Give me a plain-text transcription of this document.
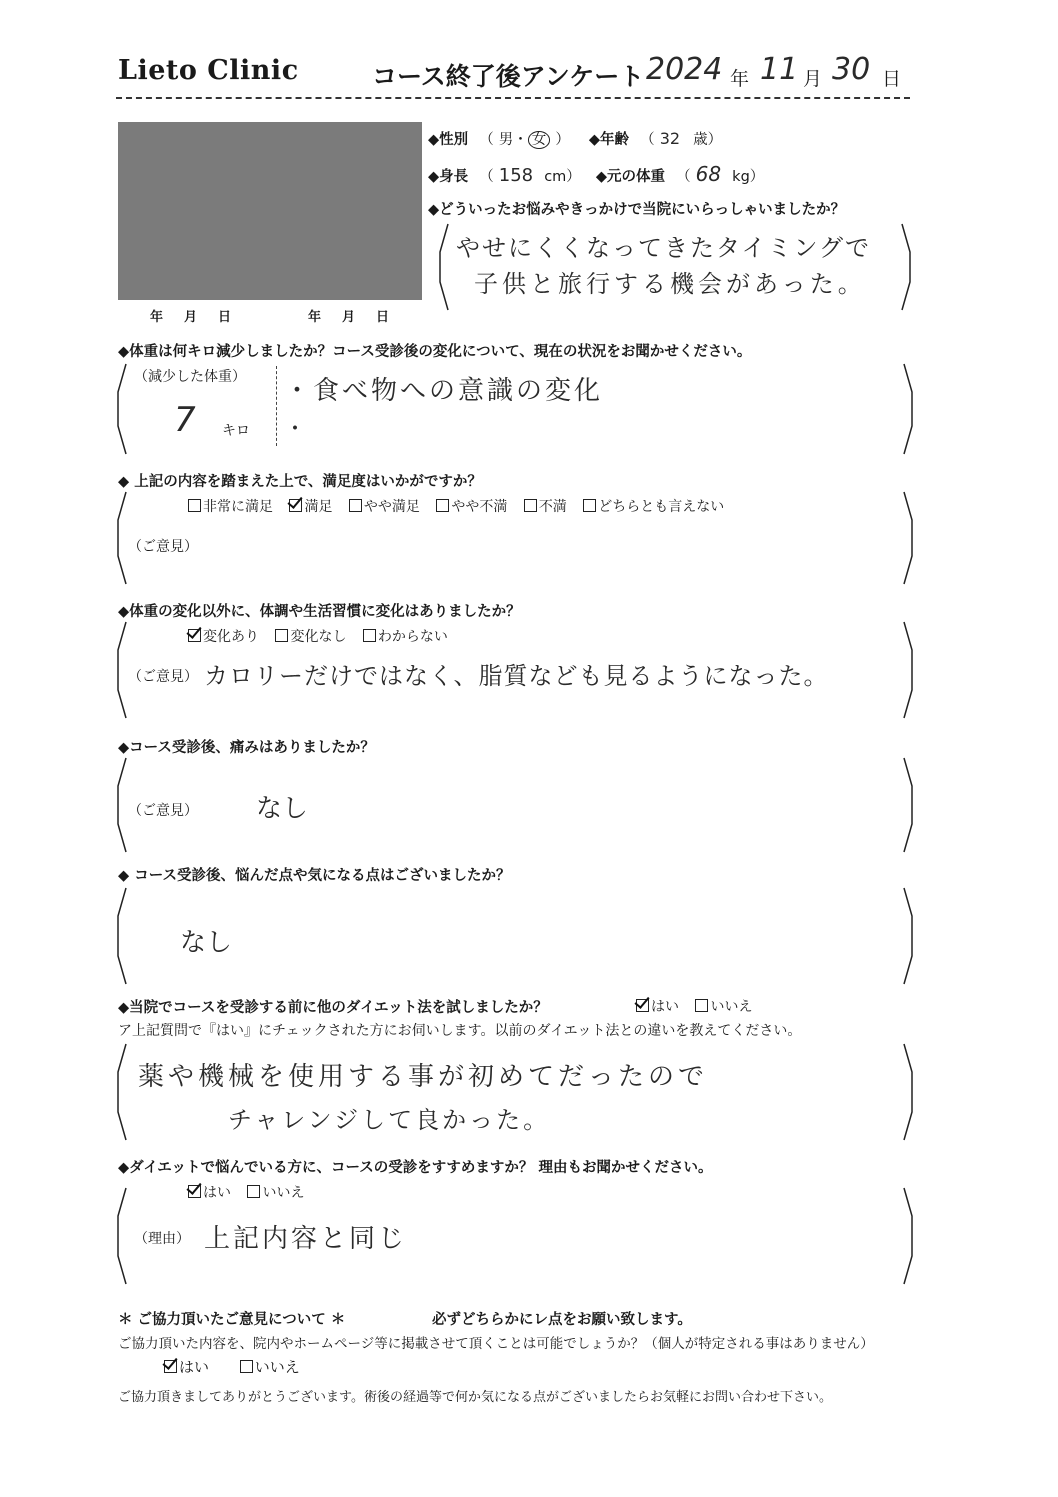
Lieto Clinic	コース終了後アンケート 2024 年 11 月 30 日
年　月　日	年　月　日
◆性別 （ 男・ 女 ） ◆年齢 （ 32 歳）
◆身長 （ 158 cm） ◆元の体重 （ 68 kg）
◆どういったお悩みやきっかけで当院にいらっしゃいましたか？
やせにくくなってきたタイミングで
子供と旅行する機会があった。
◆体重は何キロ減少しましたか？コース受診後の変化について、現在の状況をお聞かせください。
（減少した体重）
7 キロ
・食べ物への意識の変化
・
◆ 上記の内容を踏まえた上で、満足度はいかがですか？
非常に満足 満足 やや満足 やや不満 不満 どちらとも言えない
（ご意見）
◆体重の変化以外に、体調や生活習慣に変化はありましたか？
変化あり 変化なし わからない
（ご意見） カロリーだけではなく、脂質なども見るようになった。
◆コース受診後、痛みはありましたか？
（ご意見） なし
◆ コース受診後、悩んだ点や気になる点はございましたか？
なし
◆当院でコースを受診する前に他のダイエット法を試しましたか？	はい いいえ
ア上記質問で『はい』にチェックされた方にお伺いします。以前のダイエット法との違いを教えてください。
薬や機械を使用する事が初めてだったので
チャレンジして良かった。
◆ダイエットで悩んでいる方に、コースの受診をすすめますか？ 理由もお聞かせください。
はい いいえ
（理由） 上記内容と同じ
＊ ご協力頂いたご意見について ＊	必ずどちらかにレ点をお願い致します。
ご協力頂いた内容を、院内やホームページ等に掲載させて頂くことは可能でしょうか？（個人が特定される事はありません）
はい	いいえ
ご協力頂きましてありがとうございます。術後の経過等で何か気になる点がございましたらお気軽にお問い合わせ下さい。
